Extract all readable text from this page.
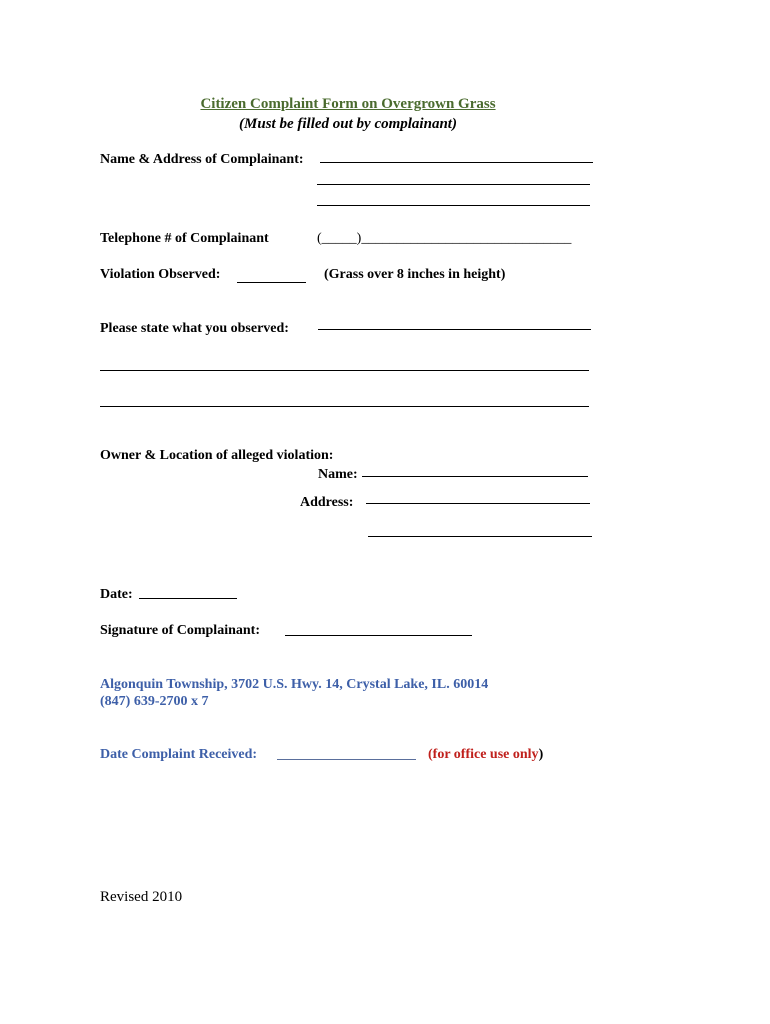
Citizen Complaint Form on Overgrown Grass
(Must be filled out by complainant)
Name & Address of Complainant:
Telephone # of Complainant	(_____)______________________________
Violation Observed:	(Grass over 8 inches in height)
Please state what you observed:
Owner & Location of alleged violation:
Name:
Address:
Date:
Signature of Complainant:
Algonquin Township, 3702 U.S. Hwy. 14, Crystal Lake, IL. 60014
(847) 639-2700 x 7
Date Complaint Received:	(for office use only)
Revised 2010
